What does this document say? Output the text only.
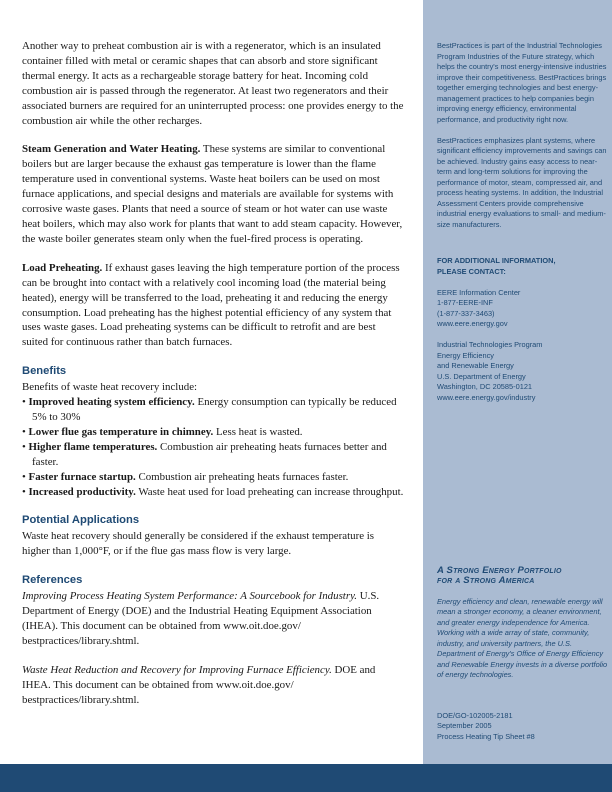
Another way to preheat combustion air is with a regenerator, which is an insulated container filled with metal or ceramic shapes that can absorb and store significant thermal energy. It acts as a rechargeable storage battery for heat. Incoming cold combustion air is passed through the regenerator. At least two regenerators and their associated burners are required for an uninterrupted process: one provides energy to the combustion air while the other recharges.

Steam Generation and Water Heating. These systems are similar to conventional boilers but are larger because the exhaust gas temperature is lower than the flame temperature used in conventional systems. Waste heat boilers can be used on most furnace applications, and special designs and materials are available for systems with corrosive waste gases. Plants that need a source of steam or hot water can use waste heat boilers, which may also work for plants that want to add steam capacity. However, the waste boiler generates steam only when the fuel-fired process is operating.

Load Preheating. If exhaust gases leaving the high temperature portion of the process can be brought into contact with a relatively cool incoming load (the material being heated), energy will be transferred to the load, preheating it and reducing the energy consumption. Load preheating has the highest potential efficiency of any system that uses waste gases. Load preheating systems can be difficult to retrofit and are best suited for continuous rather than batch furnaces.

Benefits

Benefits of waste heat recovery include:

• Improved heating system efficiency. Energy consumption can typically be reduced 5% to 30%
• Lower flue gas temperature in chimney. Less heat is wasted.
• Higher flame temperatures. Combustion air preheating heats furnaces better and faster.
• Faster furnace startup. Combustion air preheating heats furnaces faster.
• Increased productivity. Waste heat used for load preheating can increase throughput.
Potential Applications

Waste heat recovery should generally be considered if the exhaust temperature is higher than 1,000°F, or if the flue gas mass flow is very large.

References

Improving Process Heating System Performance: A Sourcebook for Industry. U.S. Department of Energy (DOE) and the Industrial Heating Equipment Association (IHEA). This document can be obtained from www.oit.doe.gov/ bestpractices/library.shtml.

Waste Heat Reduction and Recovery for Improving Furnace Efficiency. DOE and IHEA. This document can be obtained from www.oit.doe.gov/ bestpractices/library.shtml.

BestPractices is part of the Industrial Technologies Program Industries of the Future strategy, which helps the country's most energy-intensive industries improve their competitiveness. BestPractices brings together emerging technologies and best energy-management practices to help companies begin improving energy efficiency, environmental performance, and productivity right now.
BestPractices emphasizes plant systems, where significant efficiency improvements and savings can be achieved. Industry gains easy access to near-term and long-term solutions for improving the performance of motor, steam, compressed air, and process heating systems. In addition, the Industrial Assessment Centers provide comprehensive industrial energy evaluations to small- and medium-size manufacturers.
FOR ADDITIONAL INFORMATION,
PLEASE CONTACT:
EERE Information Center
1-877-EERE-INF
(1-877-337-3463)
www.eere.energy.gov
Industrial Technologies Program
Energy Efficiency
and Renewable Energy
U.S. Department of Energy
Washington, DC 20585-0121
www.eere.energy.gov/industry
A Strong Energy Portfolio
for a Strong America
Energy efficiency and clean, renewable energy will mean a stronger economy, a cleaner environment, and greater energy independence for America. Working with a wide array of state, community, industry, and university partners, the U.S. Department of Energy's Office of Energy Efficiency and Renewable Energy invests in a diverse portfolio of energy technologies.
DOE/GO-102005-2181
September 2005
Process Heating Tip Sheet #8
